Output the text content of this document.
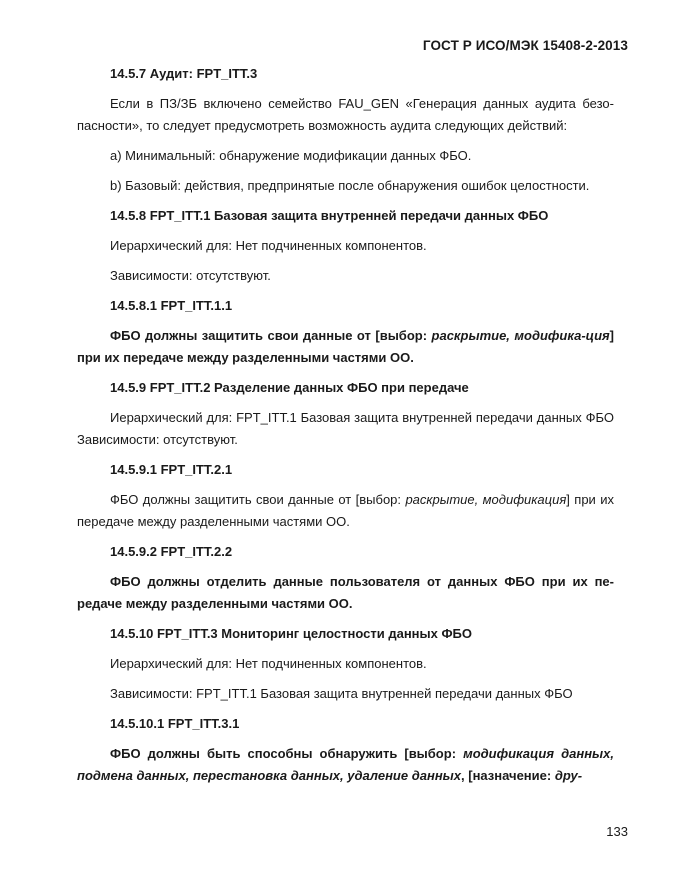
ГОСТ Р ИСО/МЭК 15408-2-2013

14.5.7 Аудит: FPT_ITT.3

Если в ПЗ/ЗБ включено семейство FAU_GEN «Генерация данных аудита безо-пасности», то следует предусмотреть возможность аудита следующих действий:

a) Минимальный: обнаружение модификации данных ФБО.

b) Базовый: действия, предпринятые после обнаружения ошибок целостности.

14.5.8 FPT_ITT.1 Базовая защита внутренней передачи данных ФБО

Иерархический для: Нет подчиненных компонентов.

Зависимости: отсутствуют.

14.5.8.1 FPT_ITT.1.1

ФБО должны защитить свои данные от [выбор: раскрытие, модифика-ция] при их передаче между разделенными частями ОО.

14.5.9 FPT_ITT.2 Разделение данных ФБО при передаче

Иерархический для: FPT_ITT.1 Базовая защита внутренней передачи данных ФБО Зависимости: отсутствуют.

14.5.9.1 FPT_ITT.2.1

ФБО должны защитить свои данные от [выбор: раскрытие, модификация] при их передаче между разделенными частями ОО.

14.5.9.2 FPT_ITT.2.2

ФБО должны отделить данные пользователя от данных ФБО при их пе-редаче между разделенными частями ОО.

14.5.10 FPT_ITT.3 Мониторинг целостности данных ФБО

Иерархический для: Нет подчиненных компонентов.

Зависимости: FPT_ITT.1 Базовая защита внутренней передачи данных ФБО

14.5.10.1 FPT_ITT.3.1

ФБО должны быть способны обнаружить [выбор: модификация данных, подмена данных, перестановка данных, удаление данных, [назначение: дру-

133
